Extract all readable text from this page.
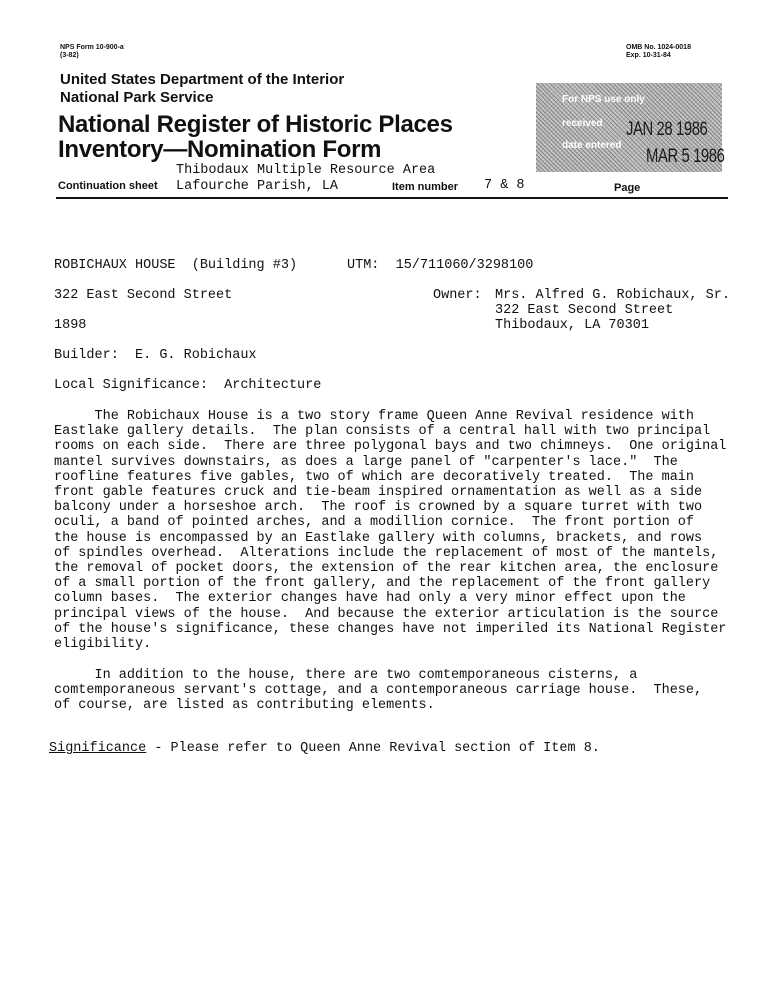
NPS Form 10-900-a
(3-82)
OMB No. 1024-0018
Exp. 10-31-84
United States Department of the Interior
National Park Service
National Register of Historic Places
Inventory—Nomination Form
For NPS use only
received
date entered
JAN 28 1986
MAR 5 1986
Thibodaux Multiple Resource Area
Continuation sheet Lafourche Parish, LA	Item number 7 & 8	Page
ROBICHAUX HOUSE  (Building #3)	UTM:  15/711060/3298100
322 East Second Street	Owner: Mrs. Alfred G. Robichaux, Sr.
322 East Second Street
Thibodaux, LA 70301
1898
Builder:  E. G. Robichaux
Local Significance:  Architecture
The Robichaux House is a two story frame Queen Anne Revival residence with
Eastlake gallery details.  The plan consists of a central hall with two principal
rooms on each side.  There are three polygonal bays and two chimneys.  One original
mantel survives downstairs, as does a large panel of "carpenter's lace."  The
roofline features five gables, two of which are decoratively treated.  The main
front gable features cruck and tie-beam inspired ornamentation as well as a side
balcony under a horseshoe arch.  The roof is crowned by a square turret with two
oculi, a band of pointed arches, and a modillion cornice.  The front portion of
the house is encompassed by an Eastlake gallery with columns, brackets, and rows
of spindles overhead.  Alterations include the replacement of most of the mantels,
the removal of pocket doors, the extension of the rear kitchen area, the enclosure
of a small portion of the front gallery, and the replacement of the front gallery
column bases.  The exterior changes have had only a very minor effect upon the
principal views of the house.  And because the exterior articulation is the source
of the house's significance, these changes have not imperiled its National Register
eligibility.
In addition to the house, there are two comtemporaneous cisterns, a
comtemporaneous servant's cottage, and a contemporaneous carriage house.  These,
of course, are listed as contributing elements.
Significance - Please refer to Queen Anne Revival section of Item 8.
